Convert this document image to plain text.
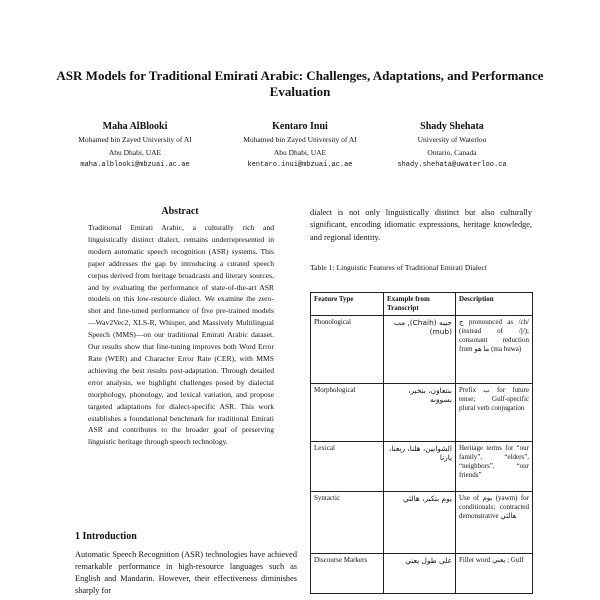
ASR Models for Traditional Emirati Arabic: Challenges, Adaptations, and Performance Evaluation
Maha AlBlooki
Mohamed bin Zayed University of AI
Abu Dhabi, UAE
maha.alblooki@mbzuai.ac.ae
Kentaro Inui
Mohamed bin Zayed University of AI
Abu Dhabi, UAE
kentaro.inui@mbzuai.ac.ae
Shady Shehata
University of Waterloo
Ontario, Canada
shady.shehata@uwaterloo.ca
Abstract
Traditional Emirati Arabic, a culturally rich and linguistically distinct dialect, remains underrepresented in modern automatic speech recognition (ASR) systems. This paper addresses the gap by introducing a curated speech corpus derived from heritage broadcasts and literary sources, and by evaluating the performance of state-of-the-art ASR models on this low-resource dialect. We examine the zero-shot and fine-tuned performance of five pre-trained models—Wav2Vec2, XLS-R, Whisper, and Massively Multilingual Speech (MMS)—on our traditional Emirati Arabic dataset. Our results show that fine-tuning improves both Word Error Rate (WER) and Character Error Rate (CER), with MMS achieving the best results post-adaptation. Through detailed error analysis, we highlight challenges posed by dialectal morphology, phonology, and lexical variation, and propose targeted adaptations for dialect-specific ASR. This work establishes a foundational benchmark for traditional Emirati ASR and contributes to the broader goal of preserving linguistic heritage through speech technology.
1 Introduction
Automatic Speech Recognition (ASR) technologies have achieved remarkable performance in high-resource languages such as English and Mandarin. However, their effectiveness diminishes sharply for
dialect is not only linguistically distinct but also culturally significant, encoding idiomatic expressions, heritage knowledge, and regional identity.
Table 1: Linguistic Features of Traditional Emirati Dialect
Feature Type	Example from Transcript	Description
Phonological	جيبه (Chaih), مب (mub)	ج pronounced as /ch/ (instead of /j/); consonant reduction from ما هو (ma huwa)
Morphological	بنتعاون، بنخبر، بسوونه	Prefix ب for future tense; Gulf-specific plural verb conjugation
Lexical	الشوابين، هلنا، ربعنا، يارنا	Heritage terms for “our family”, “elders”, “neighbors”, “our friends”
Syntactic	يوم بتكبر، هالثي	Use of يوم (yawm) for conditionals; contracted demonstrative هالثي
Discourse Markers	على طول يعني	Filler word يعني ; Gulf
